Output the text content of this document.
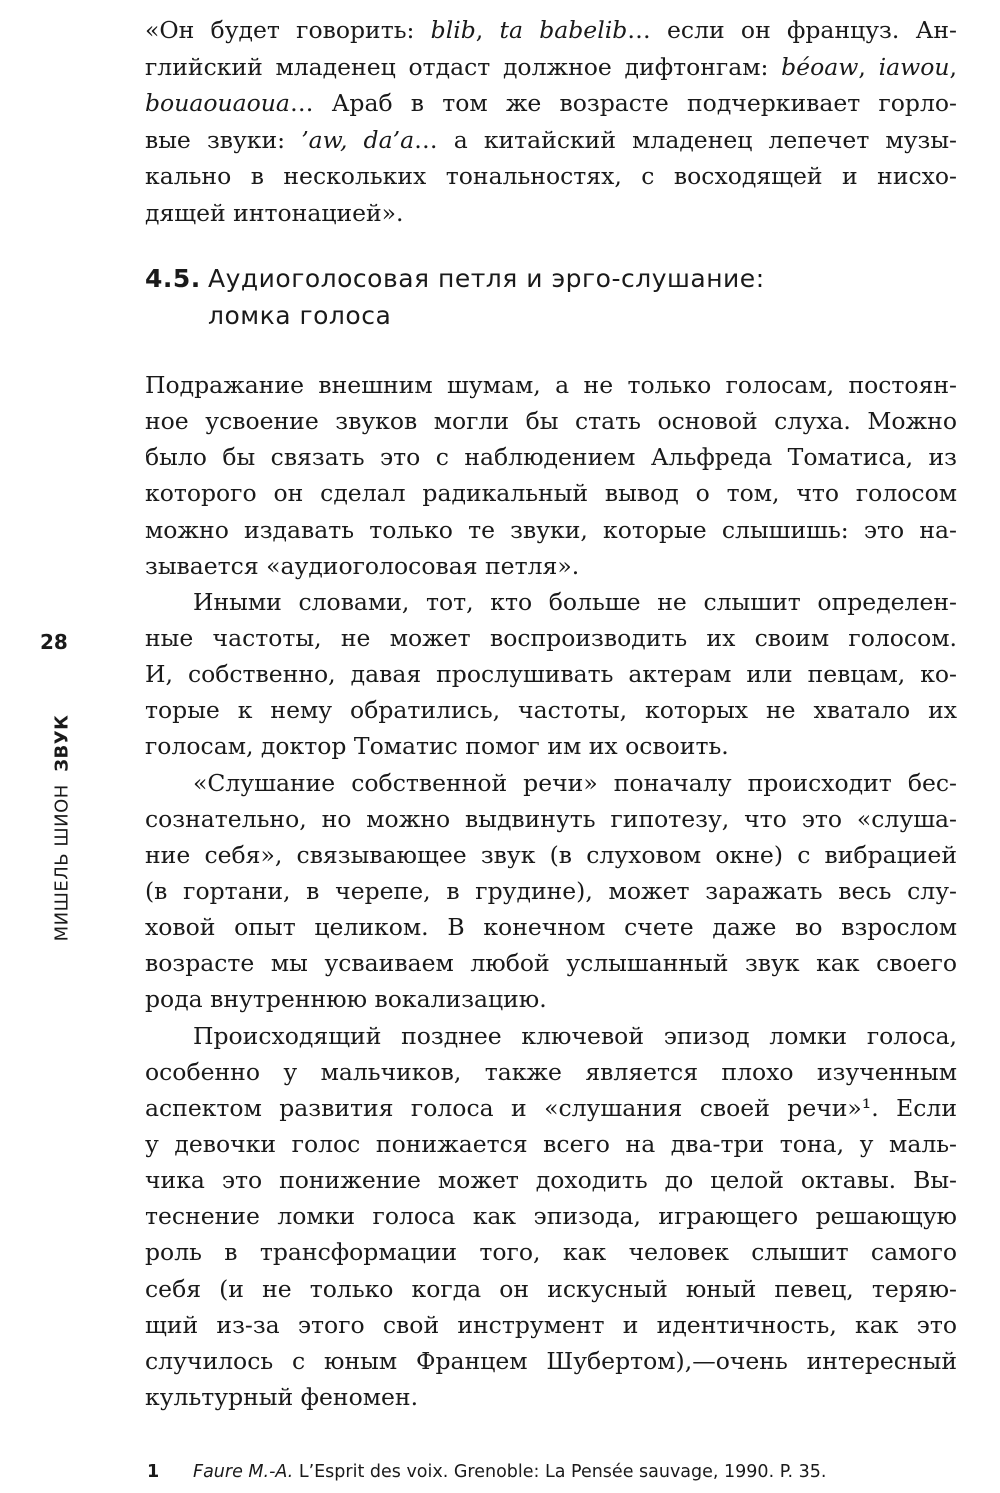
«Он будет говорить: blib, ta babelib… если он француз. Ан-
глийский младенец отдаст должное дифтонгам: béoaw, iawou,
bouaouaoua… Араб в том же возрасте подчеркивает горло-
вые звуки: ’aw, da’a… а китайский младенец лепечет музы-
кально в нескольких тональностях, с восходящей и нисхо-
дящей интонацией».
4.5. Аудиоголосовая петля и эрго-слушание:
ломка голоса
Подражание внешним шумам, а не только голосам, постоян-
ное усвоение звуков могли бы стать основой слуха. Можно
было бы связать это с наблюдением Альфреда Томатиса, из
которого он сделал радикальный вывод о том, что голосом
можно издавать только те звуки, которые слышишь: это на-
зывается «аудиоголосовая петля».
Иными словами, тот, кто больше не слышит определен-
ные частоты, не может воспроизводить их своим голосом.
И, собственно, давая прослушивать актерам или певцам, ко-
торые к нему обратились, частоты, которых не хватало их
голосам, доктор Томатис помог им их освоить.
«Слушание собственной речи» поначалу происходит бес-
сознательно, но можно выдвинуть гипотезу, что это «слуша-
ние себя», связывающее звук (в слуховом окне) с вибрацией
(в гортани, в черепе, в грудине), может заражать весь слу-
ховой опыт целиком. В конечном счете даже во взрослом
возрасте мы усваиваем любой услышанный звук как своего
рода внутреннюю вокализацию.
Происходящий позднее ключевой эпизод ломки голоса,
особенно у мальчиков, также является плохо изученным
аспектом развития голоса и «слушания своей речи»¹. Если
у девочки голос понижается всего на два-три тона, у маль-
чика это понижение может доходить до целой октавы. Вы-
теснение ломки голоса как эпизода, играющего решающую
роль в трансформации того, как человек слышит самого
себя (и не только когда он искусный юный певец, теряю-
щий из-за этого свой инструмент и идентичность, как это
случилось с юным Францем Шубертом),—очень интересный
культурный феномен.
28
МИШЕЛЬ ШИОН  ЗВУК
1 Faure M.-A. L’Esprit des voix. Grenoble: La Pensée sauvage, 1990. P. 35.
